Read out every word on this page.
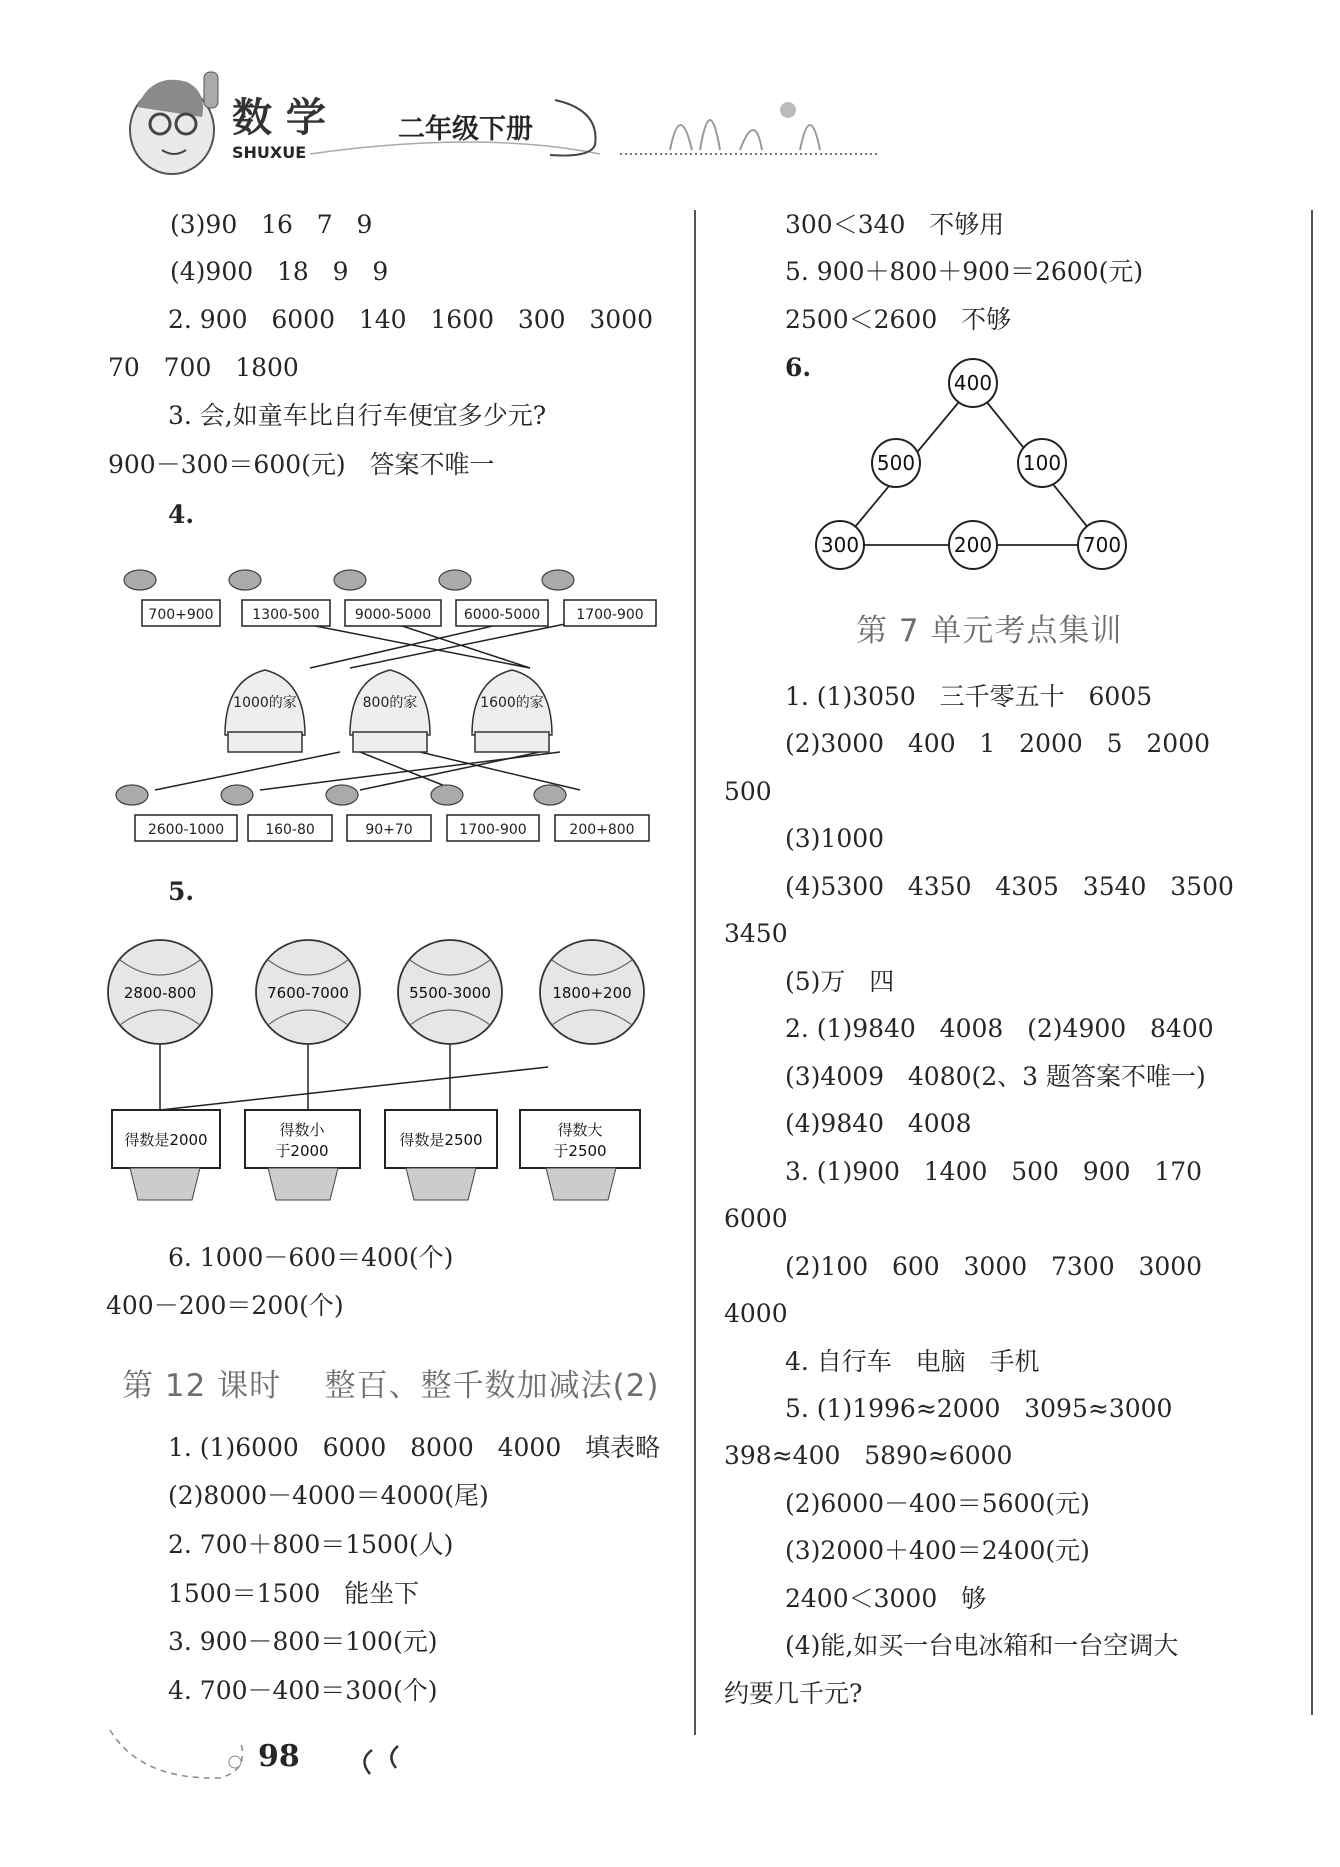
数 学
SHUXUE
二年级下册
(3)90   16   7   9
(4)900   18   9   9
2. 900   6000   140   1600   300   3000
70   700   1800
3. 会,如童车比自行车便宜多少元?
900－300＝600(元)   答案不唯一
4.
700+900	1300-500	9000-5000 6000-5000	1700-900
1000的家	800的家	1600的家
2600-1000	160-80	90+70	1700-900	200+800
5.
2800-800	7600-7000	5500-3000	1800+200
得数是2000
得数小
于2000
得数是2500
得数大
于2500
6. 1000－600＝400(个)
400－200＝200(个)
第 12 课时    整百、整千数加减法(2)
1. (1)6000   6000   8000   4000   填表略
(2)8000－4000＝4000(尾)
2. 700＋800＝1500(人)
1500＝1500   能坐下
3. 900－800＝100(元)
4. 700－400＝300(个)
300＜340   不够用
5. 900＋800＋900＝2600(元)
2500＜2600   不够
6.
400
500	100
300	200	700
第 7 单元考点集训
1. (1)3050   三千零五十   6005
(2)3000   400   1   2000   5   2000
500
(3)1000
(4)5300   4350   4305   3540   3500
3450
(5)万   四
2. (1)9840   4008   (2)4900   8400
(3)4009   4080(2、3 题答案不唯一)
(4)9840   4008
3. (1)900   1400   500   900   170
6000
(2)100   600   3000   7300   3000
4000
4. 自行车   电脑   手机
5. (1)1996≈2000   3095≈3000
398≈400   5890≈6000
(2)6000－400＝5600(元)
(3)2000＋400＝2400(元)
2400＜3000   够
(4)能,如买一台电冰箱和一台空调大
约要几千元?
98
